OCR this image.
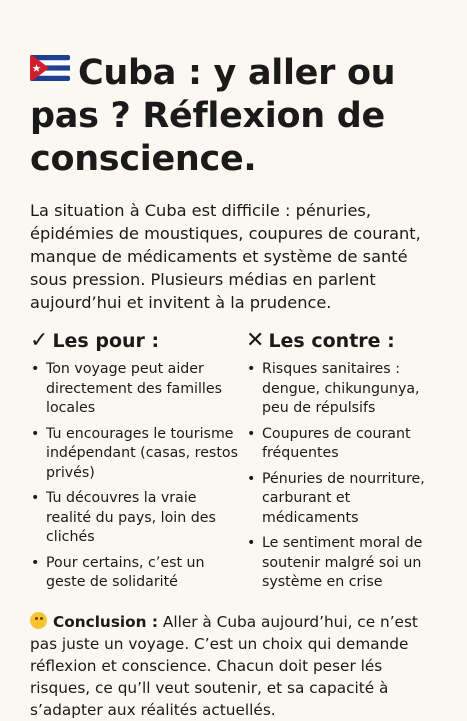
Cuba : y aller ou pas ? Réflexion de conscience.

La situation à Cuba est difficile : pénuries, épidémies de moustiques, coupures de courant, manque de médicaments et système de santé sous pression. Plusieurs médias en parlent aujourd’hui et invitent à la prudence.

✓ Les pour :
• Ton voyage peut aider directement des familles locales
• Tu encourages le tourisme indépendant (casas, restos privés)
• Tu découvres la vraie realité du pays, loin des clichés
• Pour certains, c’est un geste de solidarité
✕ Les contre :
• Risques sanitaires : dengue, chikungunya, peu de répulsifs
• Coupures de courant fréquentes
• Pénuries de nourriture, carburant et médicaments
• Le sentiment moral de soutenir malgré soi un système en crise

Conclusion : Aller à Cuba aujourd’hui, ce n’est pas juste un voyage. C’est un choix qui demande réflexion et conscience. Chacun doit peser lés risques, ce qu’ll veut soutenir, et sa capacité à s’adapter aux réalités actuellés.
